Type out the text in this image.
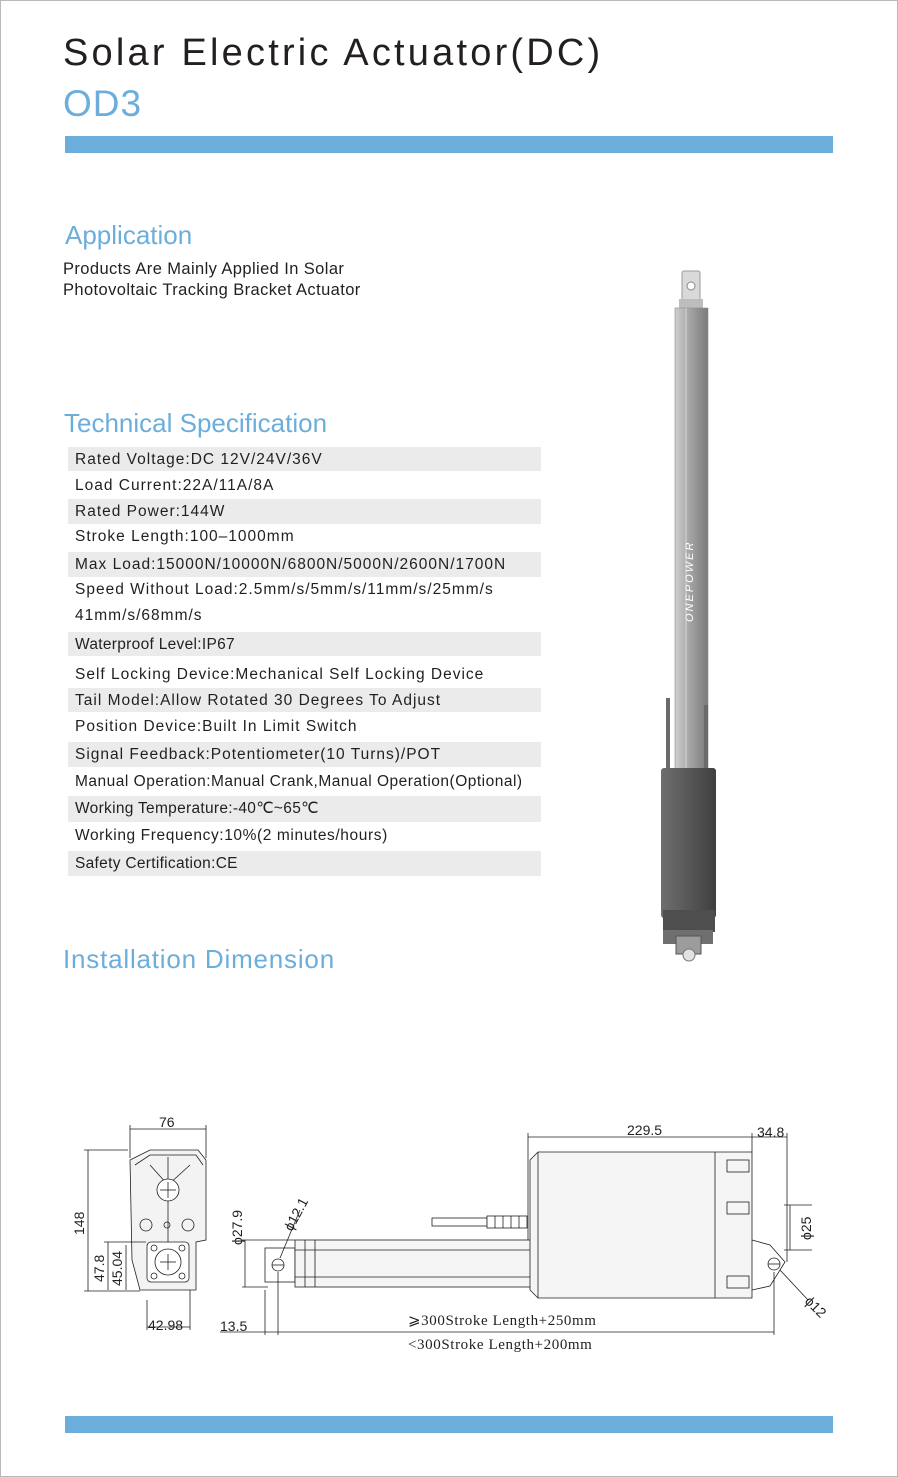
Solar Electric Actuator(DC)
OD3
Application
Products Are Mainly Applied In Solar
Photovoltaic Tracking Bracket Actuator
Technical Specification
Rated Voltage:DC 12V/24V/36V
Load Current:22A/11A/8A
Rated Power:144W
Stroke Length:100–1000mm
Max Load:15000N/10000N/6800N/5000N/2600N/1700N
Speed Without Load:2.5mm/s/5mm/s/11mm/s/25mm/s
41mm/s/68mm/s
Waterproof Level:IP67
Self Locking Device:Mechanical Self Locking Device
Tail Model:Allow Rotated 30 Degrees To Adjust
Position Device:Built In Limit Switch
Signal Feedback:Potentiometer(10 Turns)/POT
Manual Operation:Manual Crank,Manual Operation(Optional)
Working Temperature:-40℃~65℃
Working Frequency:10%(2 minutes/hours)
Safety Certification:CE
ONEPOWER
Installation Dimension
76
148
47.8 45.04
42.98
229.5	34.8
ϕ27.9	ϕ12.1	ϕ25
ϕ12
13.5	⩾300Stroke Length+250mm
<300Stroke Length+200mm
